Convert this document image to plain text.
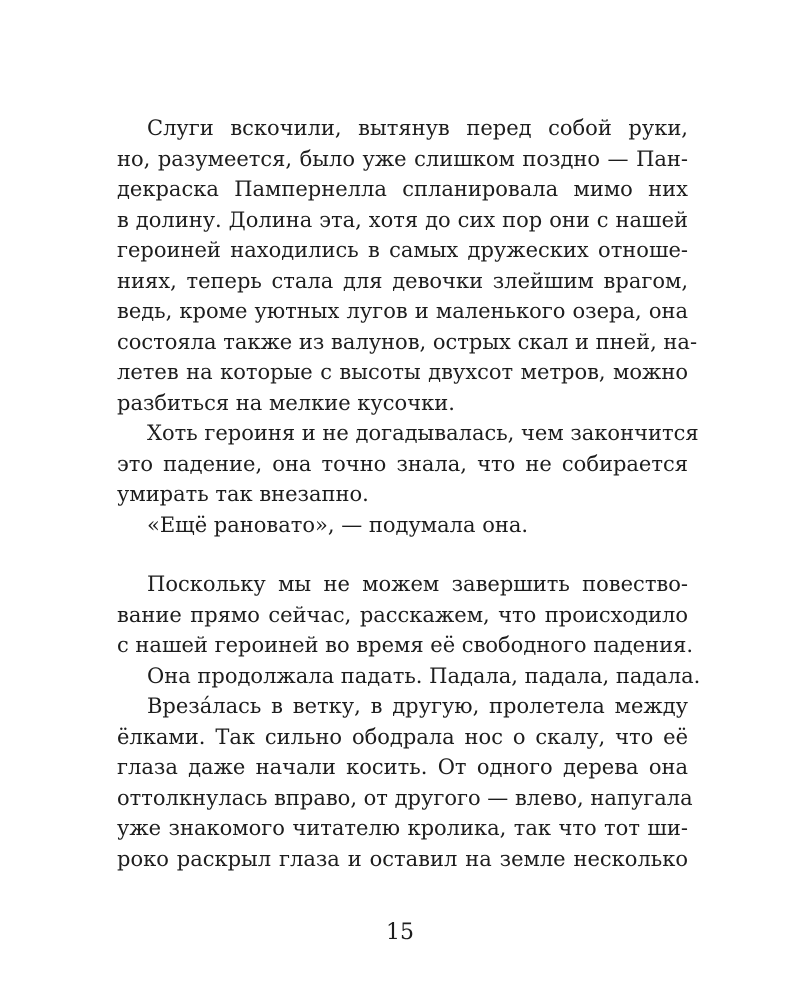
Слуги вскочили, вытянув перед собой руки,
но, разумеется, было уже слишком поздно — Пан-
декраска Пампернелла спланировала мимо них
в долину. Долина эта, хотя до сих пор они с нашей
героиней находились в самых дружеских отноше-
ниях, теперь стала для девочки злейшим врагом,
ведь, кроме уютных лугов и маленького озера, она
состояла также из валунов, острых скал и пней, на-
летев на которые с высоты двухсот метров, можно
разбиться на мелкие кусочки.
Хоть героиня и не догадывалась, чем закончится
это падение, она точно знала, что не собирается
умирать так внезапно.
«Ещё рановато», — подумала она.
Поскольку мы не можем завершить повество-
вание прямо сейчас, расскажем, что происходило
с нашей героиней во время её свободного падения.
Она продолжала падать. Падала, падала, падала.
Врезáлась в ветку, в другую, пролетела между
ёлками. Так сильно ободрала нос о скалу, что её
глаза даже начали косить. От одного дерева она
оттолкнулась вправо, от другого — влево, напугала
уже знакомого читателю кролика, так что тот ши-
роко раскрыл глаза и оставил на земле несколько
15
